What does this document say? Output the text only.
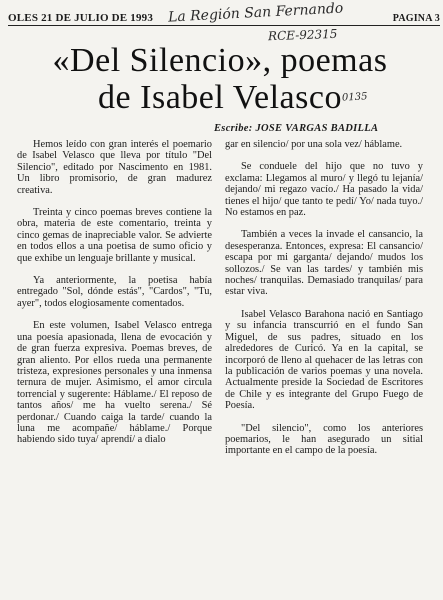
OLES 21 DE JULIO DE 1993	PAGINA 3
La Región San Fernando
RCE-92315
0135
«Del Silencio», poemas
de Isabel Velasco
Escribe: JOSE VARGAS BADILLA

Hemos leído con gran interés el poemario de Isabel Velasco que lleva por título "Del Silencio", editado por Nascimento en 1981. Un libro promisorio, de gran madurez creativa.

Treinta y cinco poemas breves contiene la obra, materia de este comentario, treinta y cinco gemas de inapreciable valor. Se advierte en todos ellos a una poetisa de sumo oficio y que exhibe un lenguaje brillante y musical.

Ya anteriormente, la poetisa había entregado "Sol, dónde estás", "Cardos", "Tu, ayer", todos elogiosamente comentados.

En este volumen, Isabel Velasco entrega una poesía apasionada, llena de evocación y de gran fuerza expresiva. Poemas breves, de gran aliento. Por ellos rueda una permanente tristeza, expresiones personales y una inmensa ternura de mujer. Asimismo, el amor circula torrencial y sugerente: Háblame./ El reposo de tantos años/ me ha vuelto serena./ Sé perdonar./ Cuando caiga la tarde/ cuando la luna me acompañe/ háblame./ Porque habiendo sido tuya/ aprendí/ a dialo

gar en silencio/ por una sola vez/ háblame.

Se conduele del hijo que no tuvo y exclama: Llegamos al muro/ y llegó tu lejanía/ dejando/ mi regazo vacío./ Ha pasado la vida/ tienes el hijo/ que tanto te pedí/ Yo/ nada tuyo./ No estamos en paz.

También a veces la invade el cansancio, la desesperanza. Entonces, expresa: El cansancio/ escapa por mi garganta/ dejando/ mudos los sollozos./ Se van las tardes/ y también mis noches/ tranquilas. Demasiado tranquilas/ para estar viva.

Isabel Velasco Barahona nació en Santiago y su infancia transcurrió en el fundo San Miguel, de sus padres, situado en los alrededores de Curicó. Ya en la capital, se incorporó de lleno al quehacer de las letras con la publicación de varios poemas y una novela. Actualmente preside la Sociedad de Escritores de Chile y es integrante del Grupo Fuego de Poesía.

"Del silencio", como los anteriores poemarios, le han asegurado un sitial importante en el campo de la poesía.
